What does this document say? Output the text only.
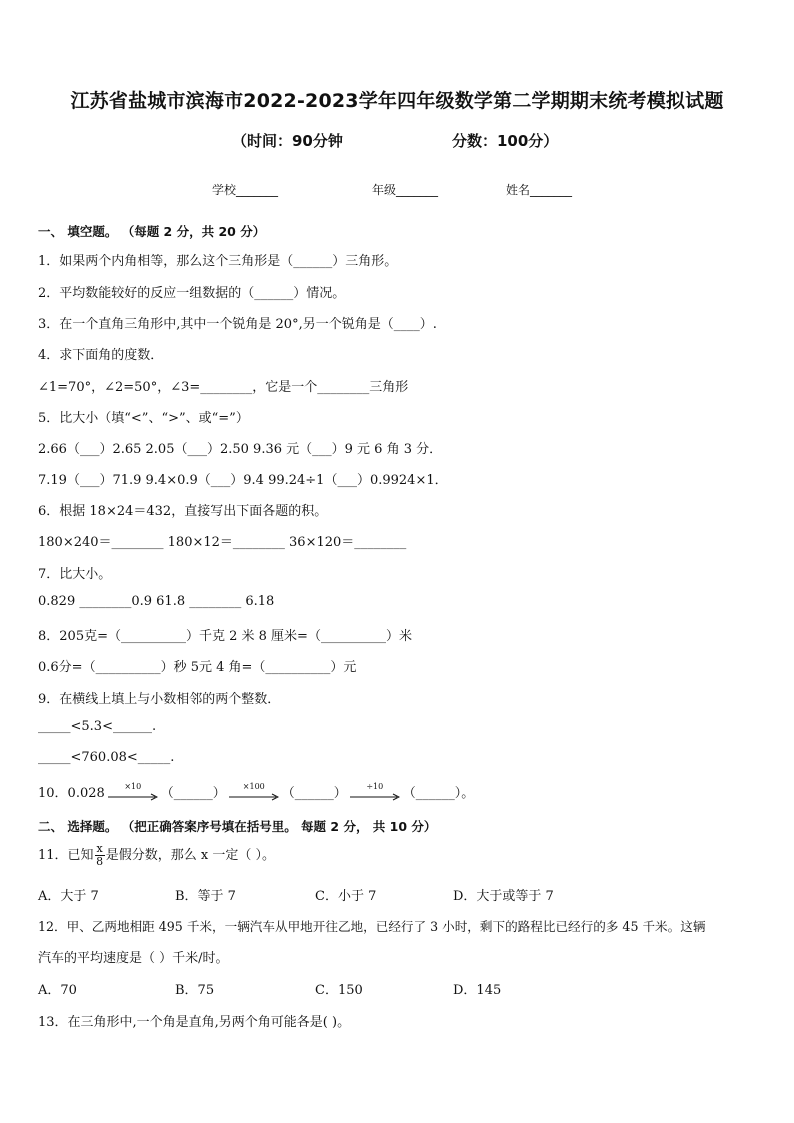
江苏省盐城市滨海市2022-2023学年四年级数学第二学期期末统考模拟试题
（时间：90分钟	分数：100分）
学校_______	年级_______	姓名_______
一、 填空题。 （每题 2 分，共 20 分）
1．如果两个内角相等，那么这个三角形是（______）三角形。
2．平均数能较好的反应一组数据的（______）情况。
3．在一个直角三角形中,其中一个锐角是 20°,另一个锐角是（____）.
4．求下面角的度数．
∠1=70°，∠2=50°，∠3=________，它是一个________三角形
5．比大小（填“<”、“>”、或“=”）
2.66（___）2.65 2.05（___）2.50 9.36 元（___）9 元 6 角 3 分．
7.19（___）71.9 9.4×0.9（___）9.4 99.24÷1（___）0.9924×1．
6．根据 18×24＝432，直接写出下面各题的积。
180×240＝________ 180×12＝________ 36×120＝________
7．比大小。
0.829 ________0.9 61.8 ________ 6.18
8．205克=（__________）千克 2 米 8 厘米=（__________）米
0.6分=（__________）秒 5元 4 角=（__________）元
9．在横线上填上与小数相邻的两个整数．
_____<5.3<______.
_____<760.08<_____.
10．0.028	×10	（______）	×100	（______）	÷10	（______）。
二、 选择题。 （把正确答案序号填在括号里。 每题 2 分， 共 10 分）
11．已知 $\frac{x}{8}$ 是假分数，那么 x 一定（ ）。
A．大于 7	B．等于 7	C．小于 7	D．大于或等于 7
12．甲、乙两地相距 495 千米，一辆汽车从甲地开往乙地，已经行了 3 小时，剩下的路程比已经行的多 45 千米。这辆
汽车的平均速度是（ ）千米/时。
A．70	B．75	C．150	D．145
13．在三角形中,一个角是直角,另两个角可能各是( )。
